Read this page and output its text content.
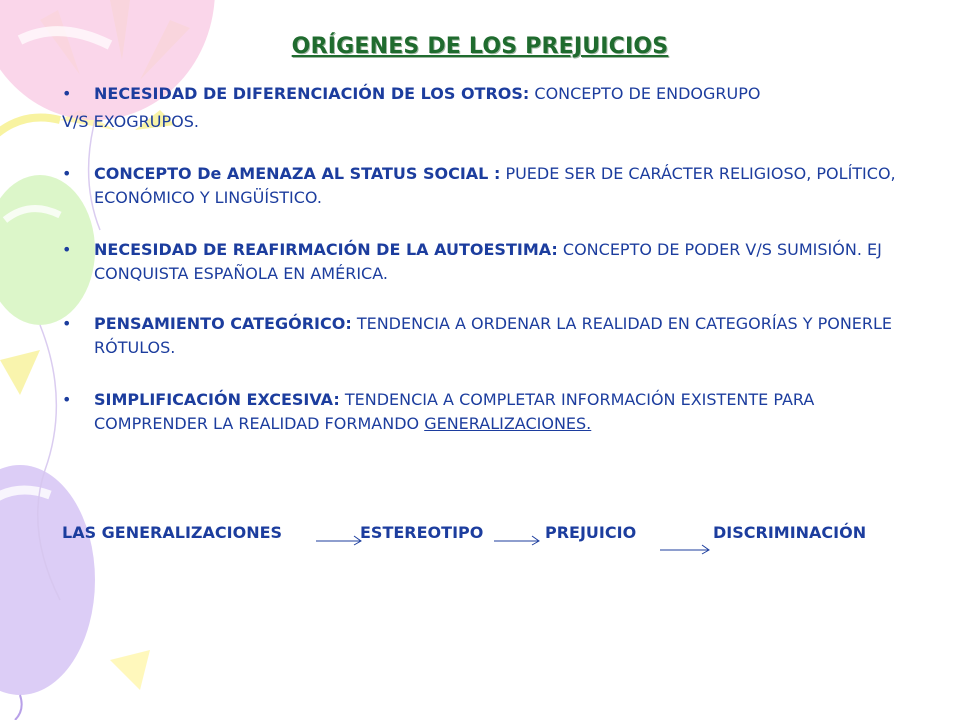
ORÍGENES DE LOS PREJUICIOS
• NECESIDAD DE DIFERENCIACIÓN DE LOS OTROS: CONCEPTO DE ENDOGRUPO
V/S EXOGRUPOS.
• CONCEPTO De AMENAZA AL STATUS SOCIAL : PUEDE SER DE CARÁCTER RELIGIOSO, POLÍTICO, ECONÓMICO Y LINGÜÍSTICO.
• NECESIDAD DE REAFIRMACIÓN DE LA AUTOESTIMA: CONCEPTO DE PODER V/S SUMISIÓN. EJ CONQUISTA ESPAÑOLA EN AMÉRICA.
• PENSAMIENTO CATEGÓRICO: TENDENCIA A ORDENAR LA REALIDAD EN CATEGORÍAS Y PONERLE RÓTULOS.
• SIMPLIFICACIÓN EXCESIVA: TENDENCIA A COMPLETAR INFORMACIÓN EXISTENTE PARA COMPRENDER LA REALIDAD FORMANDO GENERALIZACIONES.
LAS GENERALIZACIONES	ESTEREOTIPO	PREJUICIO	DISCRIMINACIÓN
